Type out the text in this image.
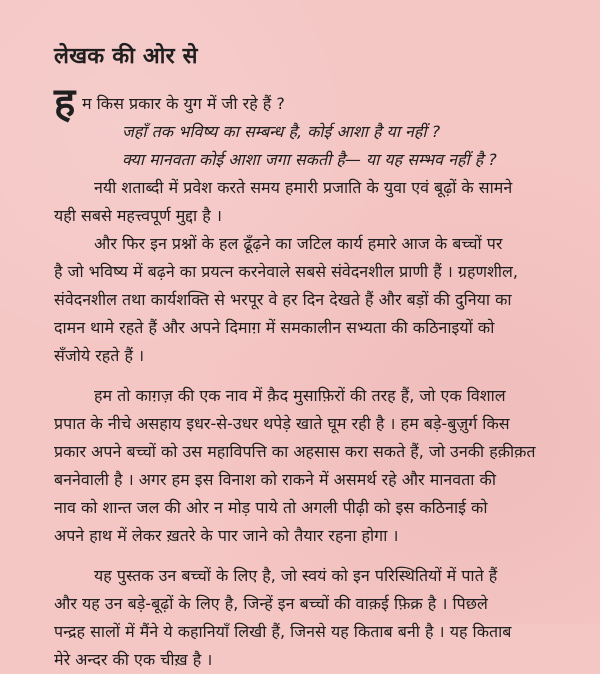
लेखक की ओर से
ह म किस प्रकार के युग में जी रहे हैं ?
जहाँ तक भविष्य का सम्बन्ध है, कोई आशा है या नहीं ?
क्या मानवता कोई आशा जगा सकती है— या यह सम्भव नहीं है ?
नयी शताब्दी में प्रवेश करते समय हमारी प्रजाति के युवा एवं बूढ़ों के सामने
यही सबसे महत्त्वपूर्ण मुद्दा है ।
और फिर इन प्रश्नों के हल ढूँढ़ने का जटिल कार्य हमारे आज के बच्चों पर
है जो भविष्य में बढ़ने का प्रयत्न करनेवाले सबसे संवेदनशील प्राणी हैं । ग्रहणशील,
संवेदनशील तथा कार्यशक्ति से भरपूर वे हर दिन देखते हैं और बड़ों की दुनिया का
दामन थामे रहते हैं और अपने दिमाग़ में समकालीन सभ्यता की कठिनाइयों को
सँजोये रहते हैं ।
हम तो काग़ज़ की एक नाव में क़ैद मुसाफ़िरों की तरह हैं, जो एक विशाल
प्रपात के नीचे असहाय इधर-से-उधर थपेड़े खाते घूम रही है । हम बड़े-बुज़ुर्ग किस
प्रकार अपने बच्चों को उस महाविपत्ति का अहसास करा सकते हैं, जो उनकी हक़ीक़त
बननेवाली है । अगर हम इस विनाश को राकने में असमर्थ रहे और मानवता की
नाव को शान्त जल की ओर न मोड़ पाये तो अगली पीढ़ी को इस कठिनाई को
अपने हाथ में लेकर ख़तरे के पार जाने को तैयार रहना होगा ।
यह पुस्तक उन बच्चों के लिए है, जो स्वयं को इन परिस्थितियों में पाते हैं
और यह उन बड़े-बूढ़ों के लिए है, जिन्हें इन बच्चों की वाक़ई फ़िक्र है । पिछले
पन्द्रह सालों में मैंने ये कहानियाँ लिखी हैं, जिनसे यह किताब बनी है । यह किताब
मेरे अन्दर की एक चीख़ है ।
